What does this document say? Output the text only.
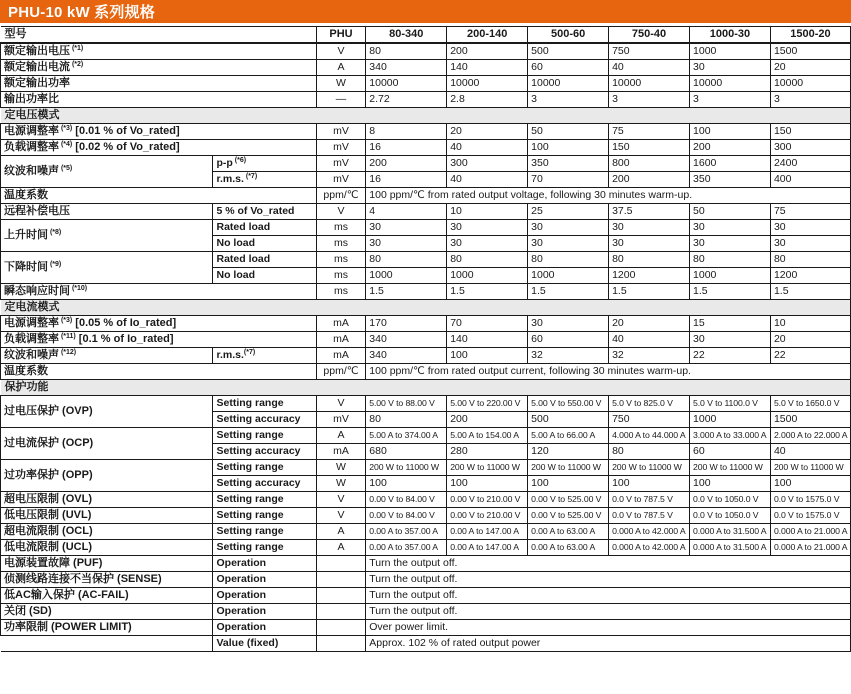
PHU-10 kW 系列规格
型号		PHU	80-340	200-140	500-60	750-40	1000-30	1500-20
额定输出电压 $^{(*1)}$		V	80	200	500	750	1000	1500
额定输出电流 $^{(*2)}$		A	340	140	60	40	30	20
额定输出功率		W	10000	10000	10000	10000	10000	10000
输出功率比		—	2.72	2.8	3	3	3	3
定电压模式								
电源调整率 $^{(*3)}$ [0.01 % of Vo_rated]		mV	8	20	50	75	100	150
负载调整率 $^{(*4)}$ [0.02 % of Vo_rated]		mV	16	40	100	150	200	300
纹波和噪声 $^{(*5)}$	p-p $^{(*6)}$	mV	200	300	350	800	1600	2400
	r.m.s. $^{(*7)}$	mV	16	40	70	200	350	400
温度系数		ppm/℃	100 ppm/℃ from rated output voltage, following 30 minutes warm-up.					
远程补偿电压	5 % of Vo_rated	V	4	10	25	37.5	50	75
上升时间 $^{(*8)}$	Rated load	ms	30	30	30	30	30	30
	No load	ms	30	30	30	30	30	30
下降时间 $^{(*9)}$	Rated load	ms	80	80	80	80	80	80
	No load	ms	1000	1000	1000	1200	1000	1200
瞬态响应时间 $^{(*10)}$		ms	1.5	1.5	1.5	1.5	1.5	1.5
定电流模式								
电源调整率 $^{(*3)}$ [0.05 % of Io_rated]		mA	170	70	30	20	15	10
负载调整率 $^{(*11)}$ [0.1 % of Io_rated]		mA	340	140	60	40	30	20
纹波和噪声 $^{(*12)}$	r.m.s.$^{(*7)}$	mA	340	100	32	32	22	22
温度系数		ppm/℃	100 ppm/℃ from rated output current, following 30 minutes warm-up.					
保护功能								
过电压保护 (OVP)	Setting range	V	5.00 V to 88.00 V	5.00 V to 220.00 V	5.00 V to 550.00 V	5.0 V to 825.0 V	5.0 V to 1100.0 V	5.0 V to 1650.0 V
	Setting accuracy	mV	80	200	500	750	1000	1500
过电流保护 (OCP)	Setting range	A	5.00 A to 374.00 A	5.00 A to 154.00 A	5.00 A to 66.00 A	4.000 A to 44.000 A	3.000 A to 33.000 A	2.000 A to 22.000 A
	Setting accuracy	mA	680	280	120	80	60	40
过功率保护 (OPP)	Setting range	W	200 W to 11000 W	200 W to 11000 W	200 W to 11000 W	200 W to 11000 W	200 W to 11000 W	200 W to 11000 W
	Setting accuracy	W	100	100	100	100	100	100
超电压限制 (OVL)	Setting range	V	0.00 V to 84.00 V	0.00 V to 210.00 V	0.00 V to 525.00 V	0.0 V to 787.5 V	0.0 V to 1050.0 V	0.0 V to 1575.0 V
低电压限制 (UVL)	Setting range	V	0.00 V to 84.00 V	0.00 V to 210.00 V	0.00 V to 525.00 V	0.0 V to 787.5 V	0.0 V to 1050.0 V	0.0 V to 1575.0 V
超电流限制 (OCL)	Setting range	A	0.00 A to 357.00 A	0.00 A to 147.00 A	0.00 A to 63.00 A	0.000 A to 42.000 A	0.000 A to 31.500 A	0.000 A to 21.000 A
低电流限制 (UCL)	Setting range	A	0.00 A to 357.00 A	0.00 A to 147.00 A	0.00 A to 63.00 A	0.000 A to 42.000 A	0.000 A to 31.500 A	0.000 A to 21.000 A
电源装置故障 (PUF)	Operation		Turn the output off.					
侦测线路连接不当保护 (SENSE)	Operation		Turn the output off.					
低AC输入保护 (AC-FAIL)	Operation		Turn the output off.					
关闭 (SD)	Operation		Turn the output off.					
功率限制 (POWER LIMIT)	Operation		Over power limit.					
	Value (fixed)		Approx. 102 % of rated output power					
